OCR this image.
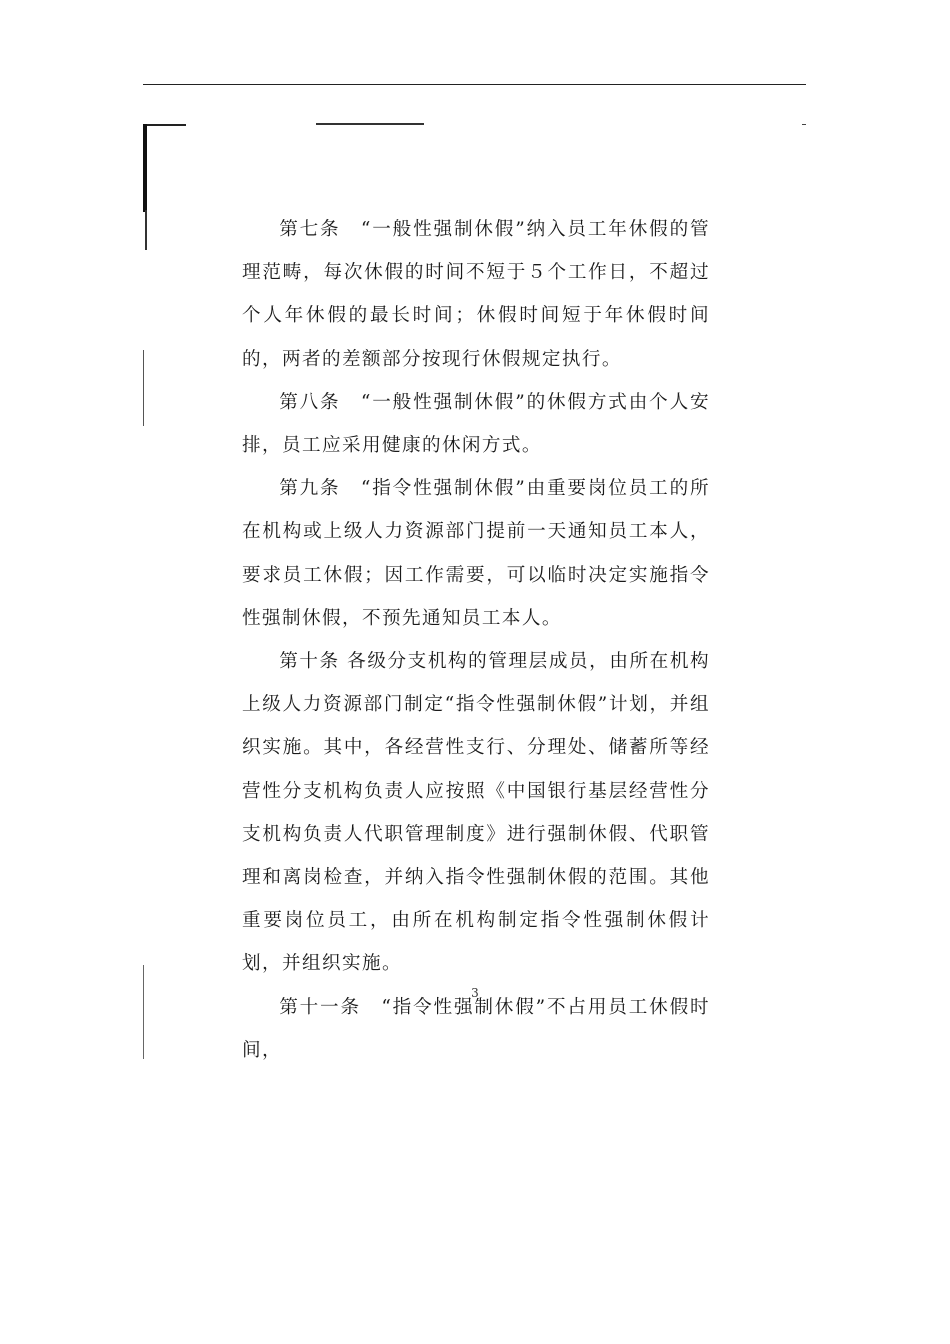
第七条　“一般性强制休假”纳入员工年休假的管理范畴，每次休假的时间不短于５个工作日，不超过个人年休假的最长时间；休假时间短于年休假时间的，两者的差额部分按现行休假规定执行。

第八条　“一般性强制休假”的休假方式由个人安排，员工应采用健康的休闲方式。

第九条　“指令性强制休假”由重要岗位员工的所在机构或上级人力资源部门提前一天通知员工本人，要求员工休假；因工作需要，可以临时决定实施指令性强制休假，不预先通知员工本人。

第十条 各级分支机构的管理层成员，由所在机构上级人力资源部门制定“指令性强制休假”计划，并组织实施。其中，各经营性支行、分理处、储蓄所等经营性分支机构负责人应按照《中国银行基层经营性分支机构负责人代职管理制度》进行强制休假、代职管理和离岗检查，并纳入指令性强制休假的范围。其他重要岗位员工，由所在机构制定指令性强制休假计划，并组织实施。

第十一条　“指令性强制休假”不占用员工休假时间，

3
